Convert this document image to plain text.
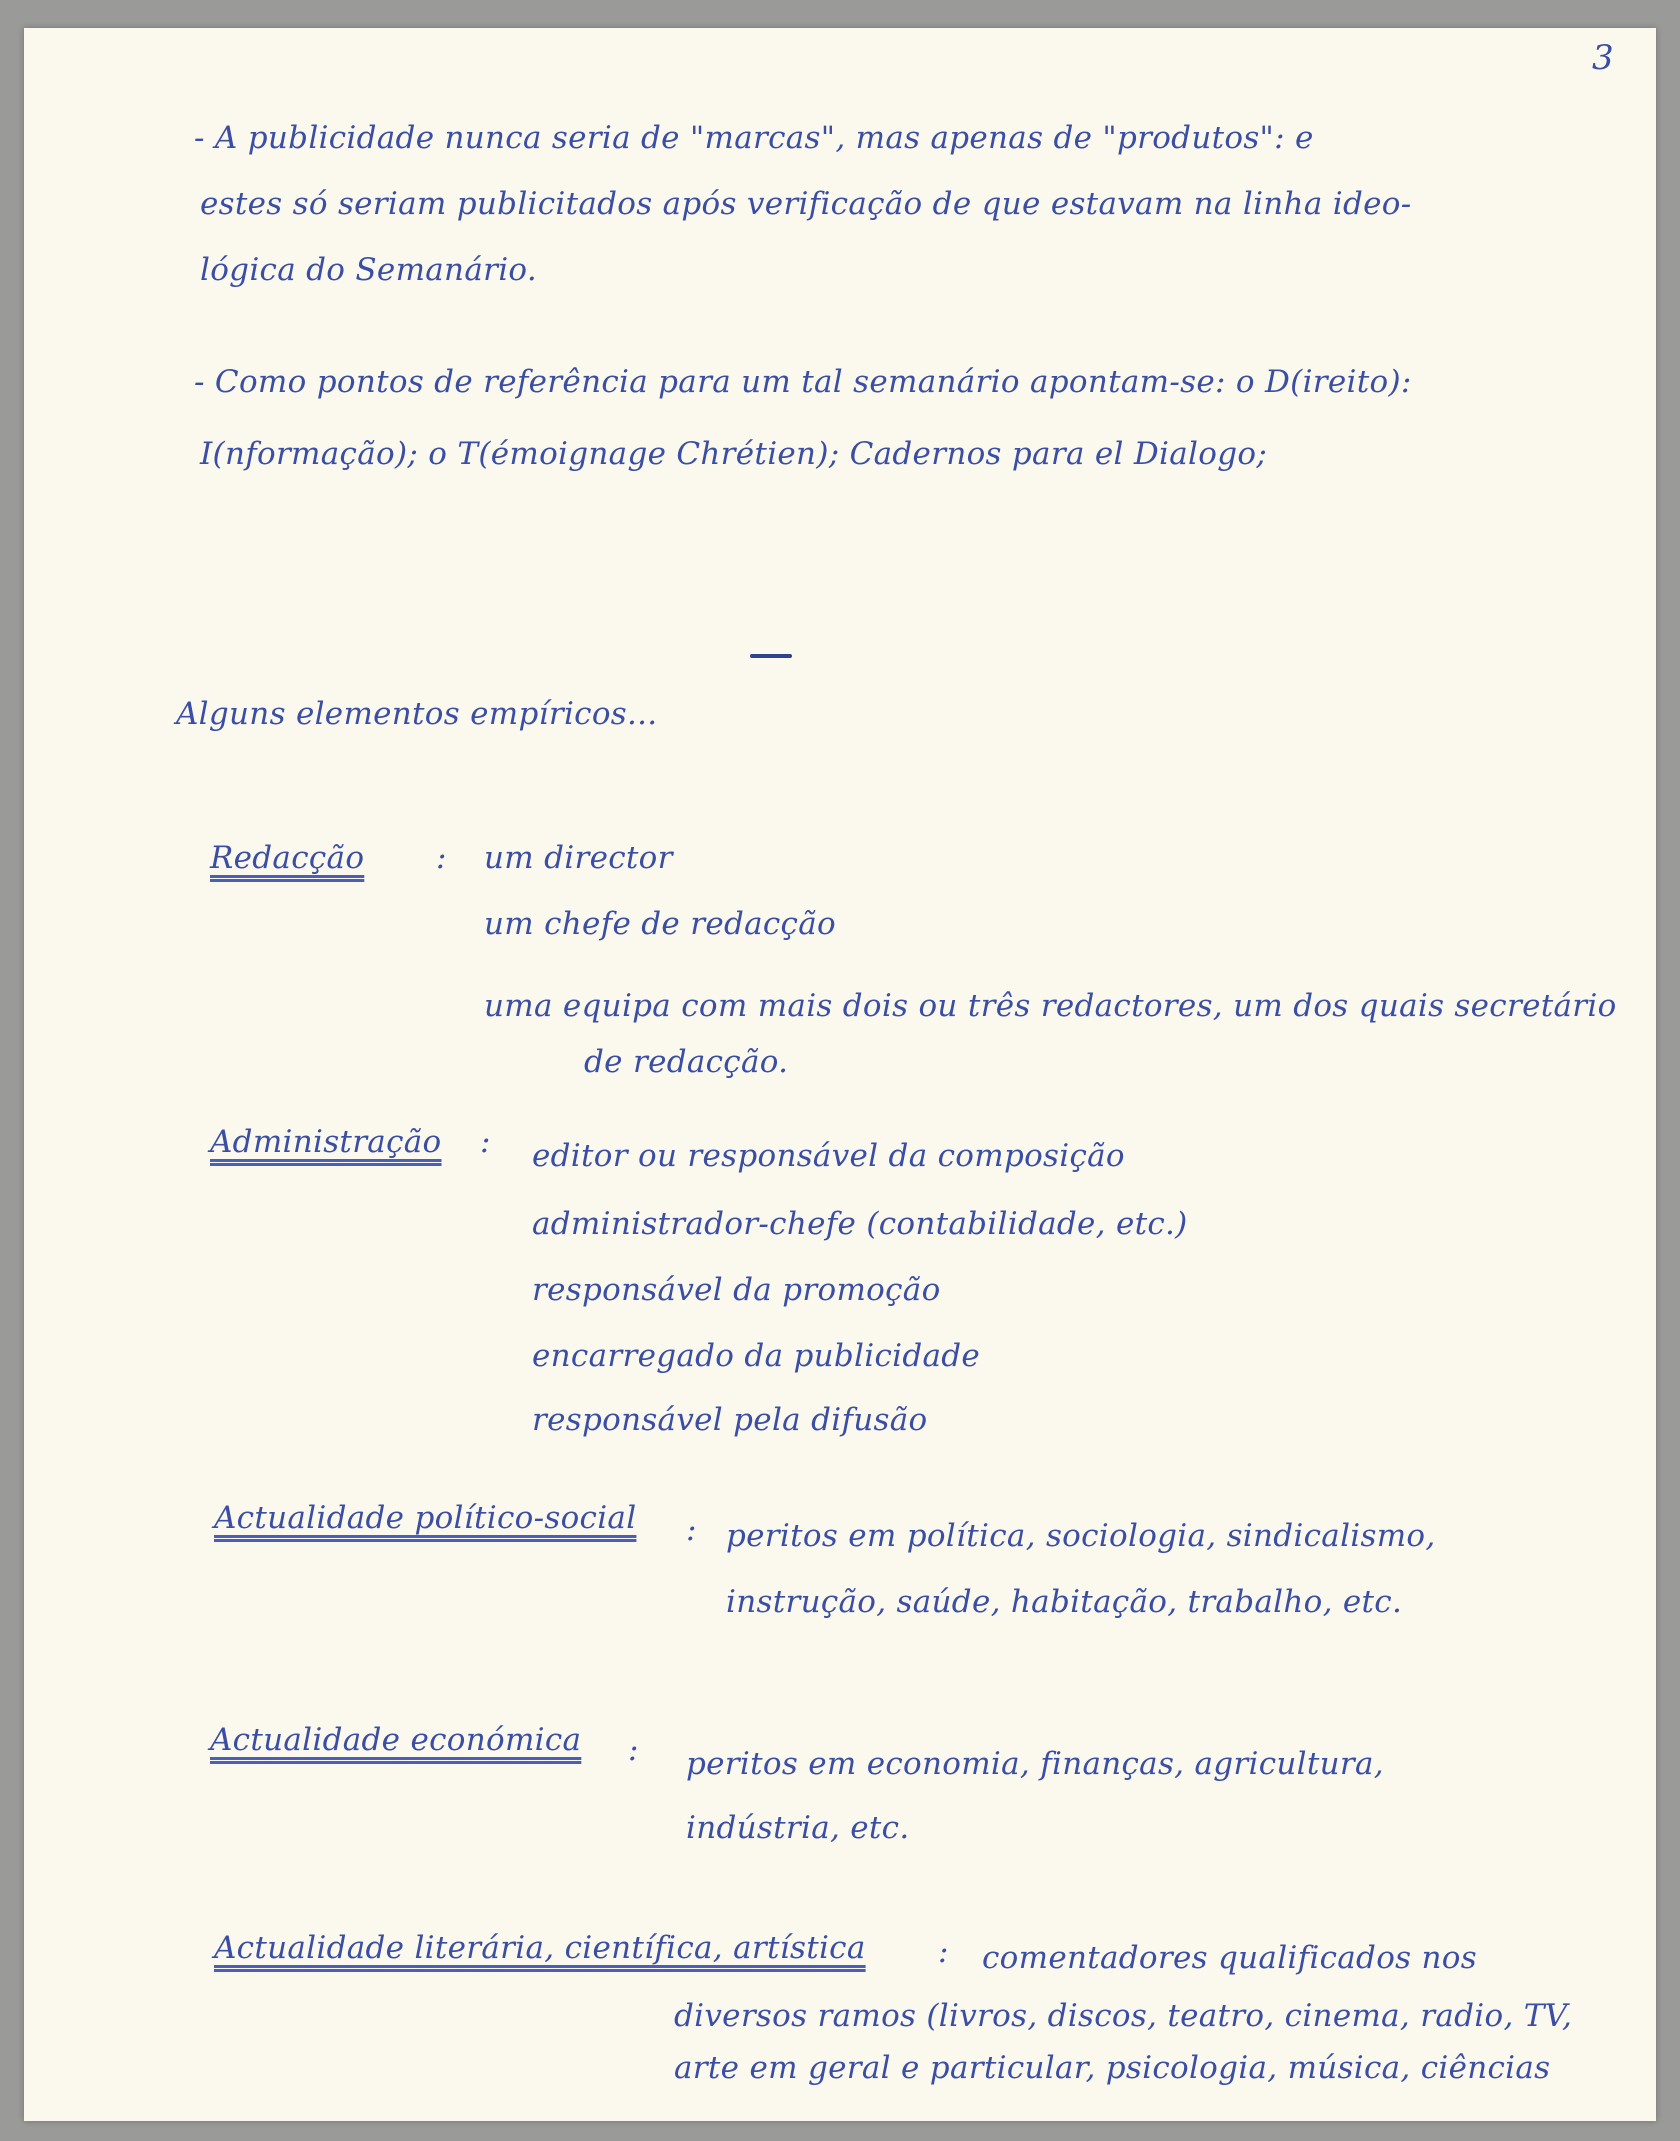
3
- A publicidade nunca seria de "marcas", mas apenas de "produtos": e
estes só seriam publicitados após verificação de que estavam na linha ideo-
lógica do Semanário.
- Como pontos de referência para um tal semanário apontam-se: o D(ireito):
I(nformação); o T(émoignage Chrétien); Cadernos para el Dialogo;
Alguns elementos empíricos...
Redacção : um director
um chefe de redacção
uma equipa com mais dois ou três redactores, um dos quais secretário
de redacção.
Administração : editor ou responsável da composição
administrador-chefe (contabilidade, etc.)
responsável da promoção
encarregado da publicidade
responsável pela difusão
Actualidade político-social : peritos em política, sociologia, sindicalismo,
instrução, saúde, habitação, trabalho, etc.
Actualidade económica : peritos em economia, finanças, agricultura,
indústria, etc.
Actualidade literária, científica, artística : comentadores qualificados nos
diversos ramos (livros, discos, teatro, cinema, radio, TV,
arte em geral e particular, psicologia, música, ciências
